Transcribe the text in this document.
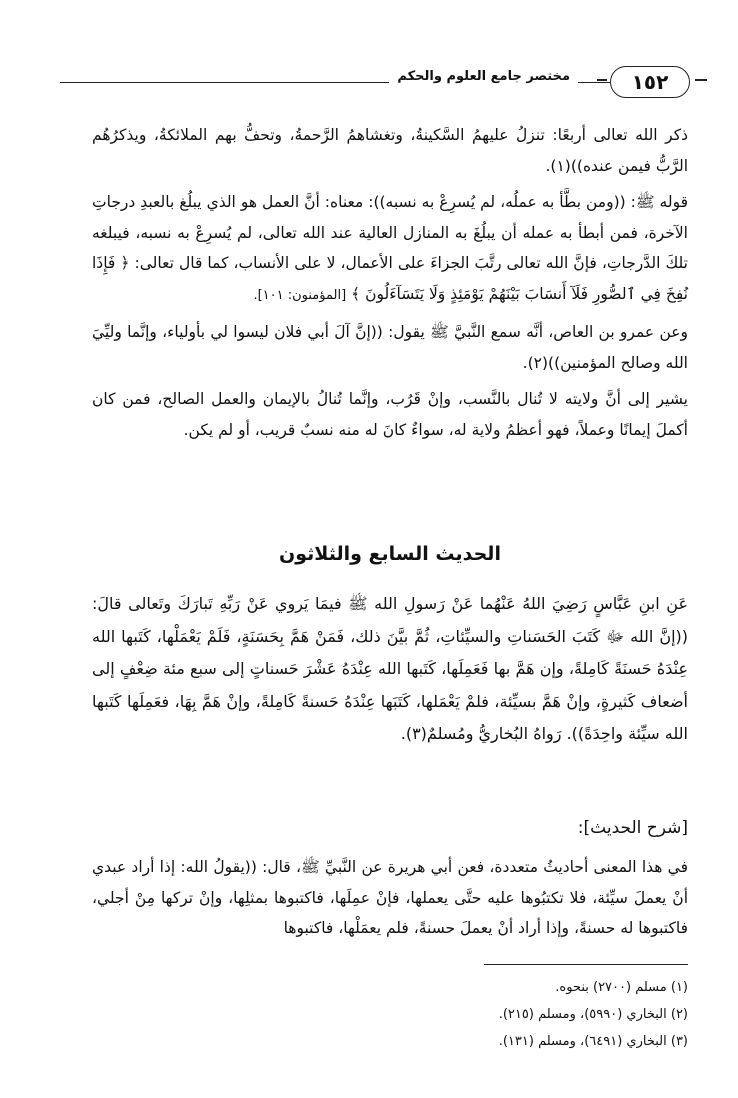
١٥٢
مختصر جامع العلوم والحكم

ذكر الله تعالى أربعًا: تنزلُ عليهمُ السَّكينةُ، وتغشاهمُ الرَّحمةُ، وتحفُّ بهم الملائكةُ، ويذكرُهُم الرَّبُّ فيمن عنده))(١).

قوله ﷺ: ((ومن بطَّأ به عملُه، لم يُسرِعْ به نسبه)): معناه: أنَّ العمل هو الذي يبلُغ بالعبدِ درجاتِ الآخرة، فمن أبطأ به عمله أن يبلُغَ به المنازل العالية عند الله تعالى، لم يُسرِعْ به نسبه، فيبلغه تلكَ الدَّرجاتِ، فإنَّ الله تعالى رتَّبَ الجزاءَ على الأعمال، لا على الأنساب، كما قال تعالى: ﴿ فَإِذَا نُفِخَ فِي ٱلصُّورِ فَلَآ أَنسَابَ بَيْنَهُمْ يَوْمَئِذٍ وَلَا يَتَسَآءَلُونَ ﴾ [المؤمنون: ١٠١].

وعن عمرو بن العاص، أنَّه سمع النَّبيَّ ﷺ يقول: ((إنَّ آلَ أبي فلان ليسوا لي بأولياء، وإنَّما وليِّيَ الله وصالح المؤمنين))(٢).

يشير إلى أنَّ ولايته لا تُنال بالنَّسب، وإنْ قَرُب، وإنَّما تُنالُ بالإيمان والعمل الصالح، فمن كان أكملَ إيمانًا وعملاً، فهو أعظمُ ولاية له، سواءٌ كانَ له منه نسبٌ قريب، أو لم يكن.

الحديث السابع والثلاثون

عَنِ ابنِ عَبَّاسٍ رَضِيَ اللهُ عَنْهُما عَنْ رَسولِ الله ﷺ فيمَا يَروي عَنْ رَبِّهِ تَبارَكَ وتَعالى قالَ: ((إنَّ الله ﷻ كَتَبَ الحَسَناتِ والسيِّئاتِ، ثُمَّ بيَّنَ ذلك، فَمَنْ هَمَّ بِحَسَنَةٍ، فَلَمْ يَعْمَلْها، كَتَبها الله عِنْدَهُ حَسنَةً كَامِلةً، وإن هَمَّ بها فَعَمِلَها، كَتَبها الله عِنْدَهُ عَشْرَ حَسناتٍ إلى سبع مئة ضِعْفٍ إلى أضعاف كَثيرةٍ، وإنْ هَمَّ بسيِّئة، فلمْ يَعْمَلها، كَتَبَها عِنْدَهُ حَسنةً كَامِلةً، وإنْ هَمَّ بِهَا، فعَمِلَها كَتَبها الله سيِّئة واحِدَةً)). رَواهُ البُخاريُّ ومُسلمٌ(٣).

[شرح الحديث]:

في هذا المعنى أحاديثُ متعددة، فعن أبي هريرة عن النَّبيِّ ﷺ، قال: ((يقولُ الله: إذا أراد عبدي أنْ يعملَ سيِّئة، فلا تكتبُوها عليه حتَّى يعملها، فإنْ عمِلَها، فاكتبوها بمثلِها، وإنْ تركها مِنْ أجلي، فاكتبوها له حسنةً، وإذا أراد أنْ يعملَ حسنةً، فلم يعمَلْها، فاكتبوها

(١) مسلم (٢٧٠٠) بنحوه.
(٢) البخاري (٥٩٩٠)، ومسلم (٢١٥).
(٣) البخاري (٦٤٩١)، ومسلم (١٣١).
